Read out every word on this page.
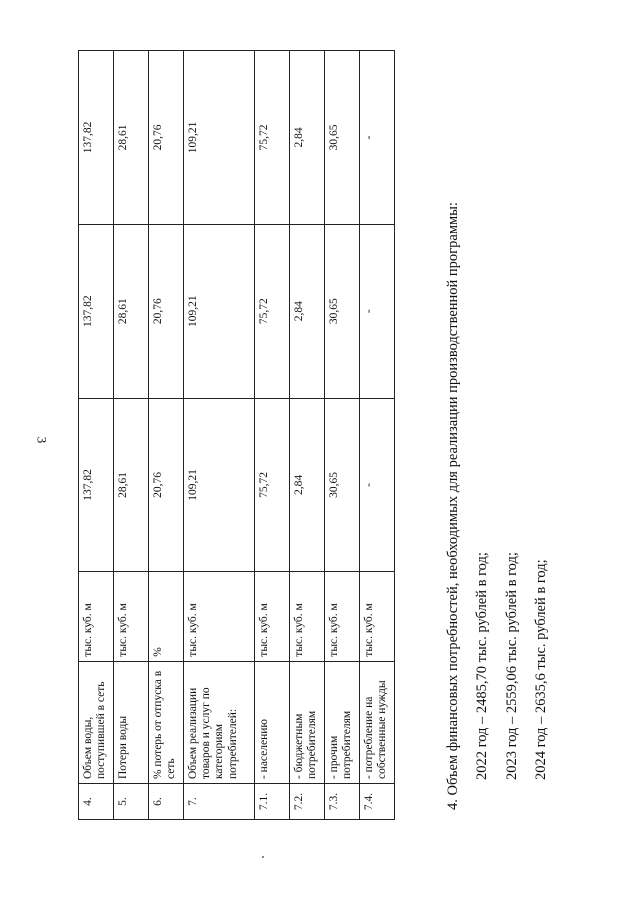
3
4.	Объем воды, поступившей в сеть	тыс. куб. м	137,82	137,82	137,82
5.	Потери воды	тыс. куб. м	28,61	28,61	28,61
6.	% потерь от отпуска в сеть	%	20,76	20,76	20,76
7.	Объем реализации товаров и услуг по категориям потребителей:	тыс. куб. м	109,21	109,21	109,21
7.1.	- населению	тыс. куб. м	75,72	75,72	75,72
7.2.	- бюджетным потребителям	тыс. куб. м	2,84	2,84	2,84
7.3.	- прочим потребителям	тыс. куб. м	30,65	30,65	30,65
7.4.	- потребление на собственные нужды	тыс. куб. м	-	-	-

4. Объем финансовых потребностей, необходимых для реализации производственной программы: 2022 год – 2485,70 тыс. рублей в год; 2023 год – 2559,06 тыс. рублей в год; 2024 год – 2635,6 тыс. рублей в год;
